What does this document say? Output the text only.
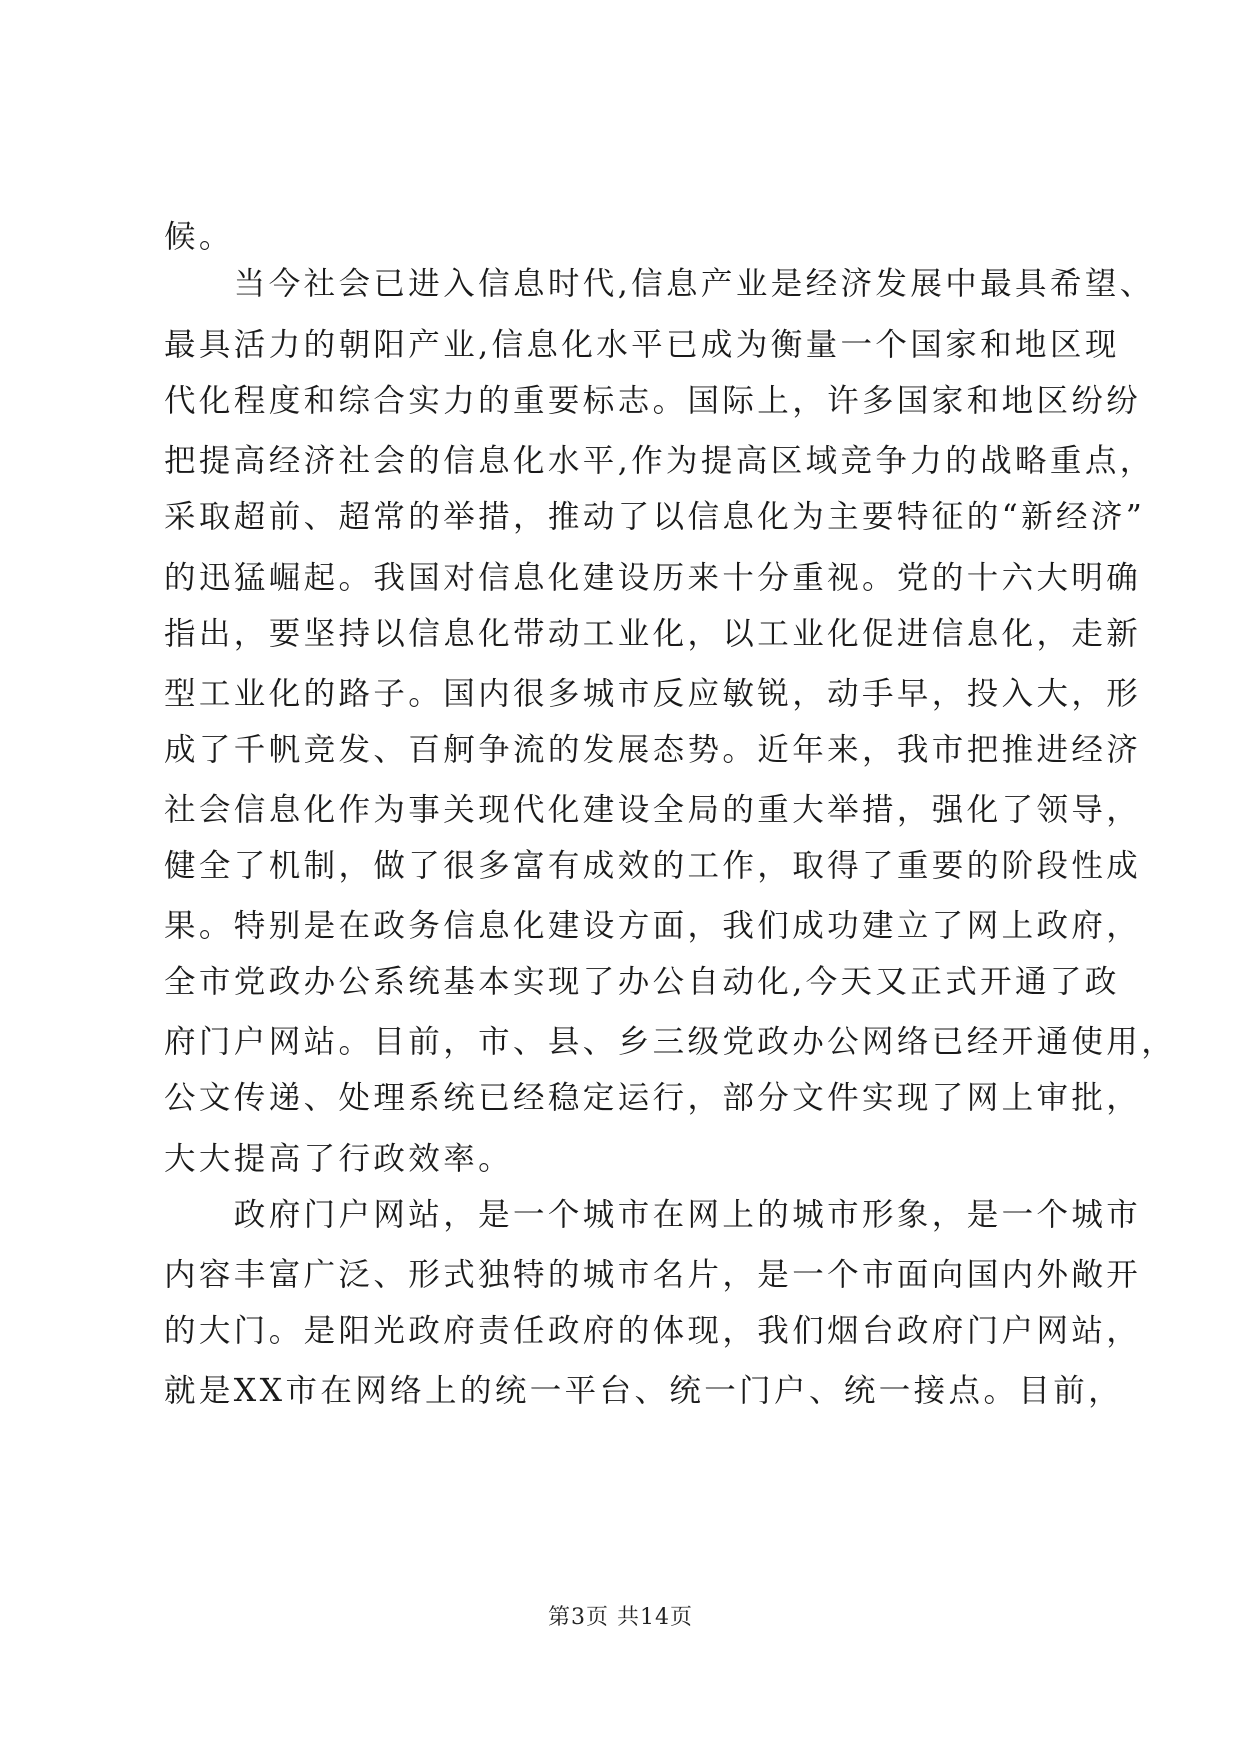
候。
　　当今社会已进入信息时代,信息产业是经济发展中最具希望、
最具活力的朝阳产业,信息化水平已成为衡量一个国家和地区现
代化程度和综合实力的重要标志。国际上，许多国家和地区纷纷
把提高经济社会的信息化水平,作为提高区域竞争力的战略重点，
采取超前、超常的举措，推动了以信息化为主要特征的“新经济”
的迅猛崛起。我国对信息化建设历来十分重视。党的十六大明确
指出，要坚持以信息化带动工业化，以工业化促进信息化，走新
型工业化的路子。国内很多城市反应敏锐，动手早，投入大，形
成了千帆竞发、百舸争流的发展态势。近年来，我市把推进经济
社会信息化作为事关现代化建设全局的重大举措，强化了领导，
健全了机制，做了很多富有成效的工作，取得了重要的阶段性成
果。特别是在政务信息化建设方面，我们成功建立了网上政府，
全市党政办公系统基本实现了办公自动化,今天又正式开通了政
府门户网站。目前，市、县、乡三级党政办公网络已经开通使用，
公文传递、处理系统已经稳定运行，部分文件实现了网上审批，
大大提高了行政效率。
　　政府门户网站，是一个城市在网上的城市形象，是一个城市
内容丰富广泛、形式独特的城市名片，是一个市面向国内外敞开
的大门。是阳光政府责任政府的体现，我们烟台政府门户网站，
就是XX市在网络上的统一平台、统一门户、统一接点。目前，
第3页 共14页
